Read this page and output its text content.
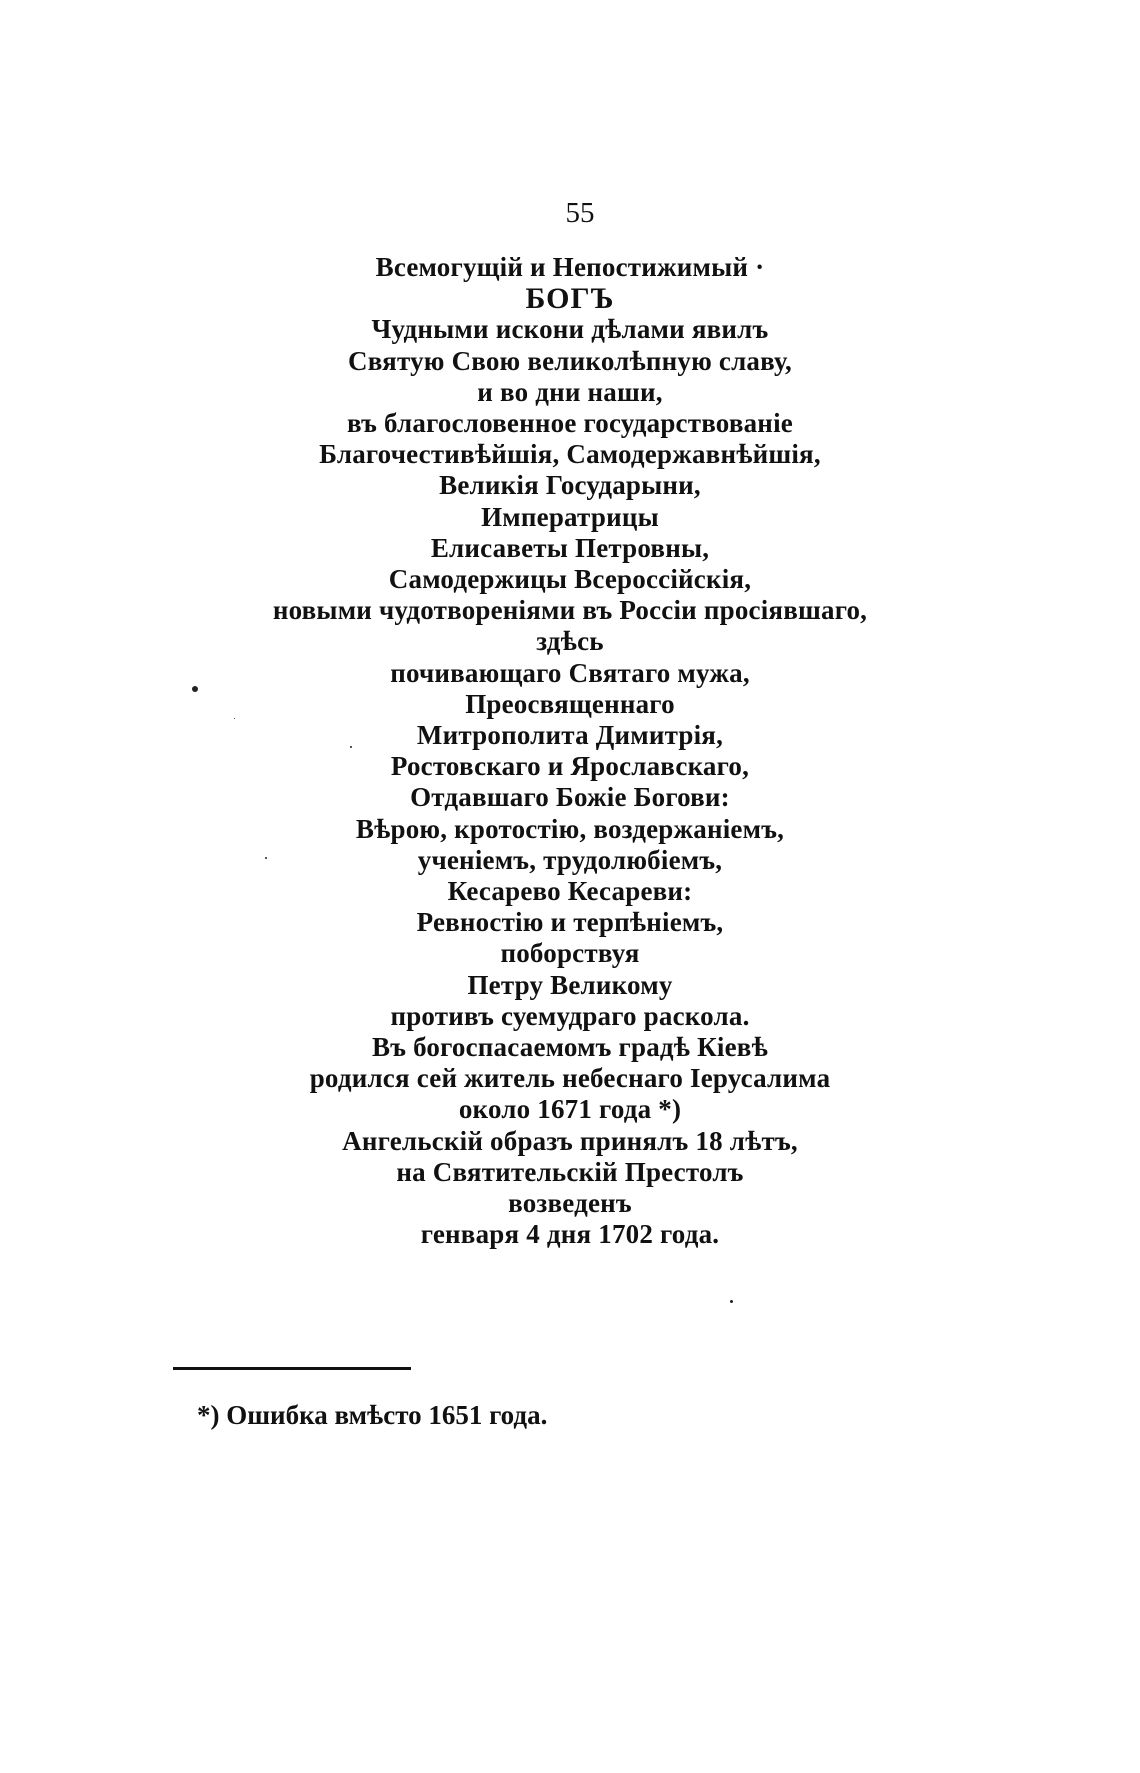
55
Всемогущій и Непостижимый ·
БОГЪ
Чудными искони дѣлами явилъ
Святую Свою великолѣпную славу,
и во дни наши,
въ благословенное государствованіе
Благочестивѣйшія, Самодержавнѣйшія,
Великія Государыни,
Императрицы
Елисаветы Петровны,
Самодержицы Всероссійскія,
новыми чудотвореніями въ Россіи просіявшаго,
здѣсь
почивающаго Святаго мужа,
Преосвященнаго
Митрополита Димитрія,
Ростовскаго и Ярославскаго,
Отдавшаго Божіе Богови:
Вѣрою, кротостію, воздержаніемъ,
ученіемъ, трудолюбіемъ,
Кесарево Кесареви:
Ревностію и терпѣніемъ,
поборствуя
Петру Великому
противъ суемудраго раскола.
Въ богоспасаемомъ градѣ Кіевѣ
родился сей житель небеснаго Іерусалима
около 1671 года *)
Ангельскій образъ принялъ 18 лѣтъ,
на Святительскій Престолъ
возведенъ
генваря 4 дня 1702 года.
*) Ошибка вмѣсто 1651 года.
